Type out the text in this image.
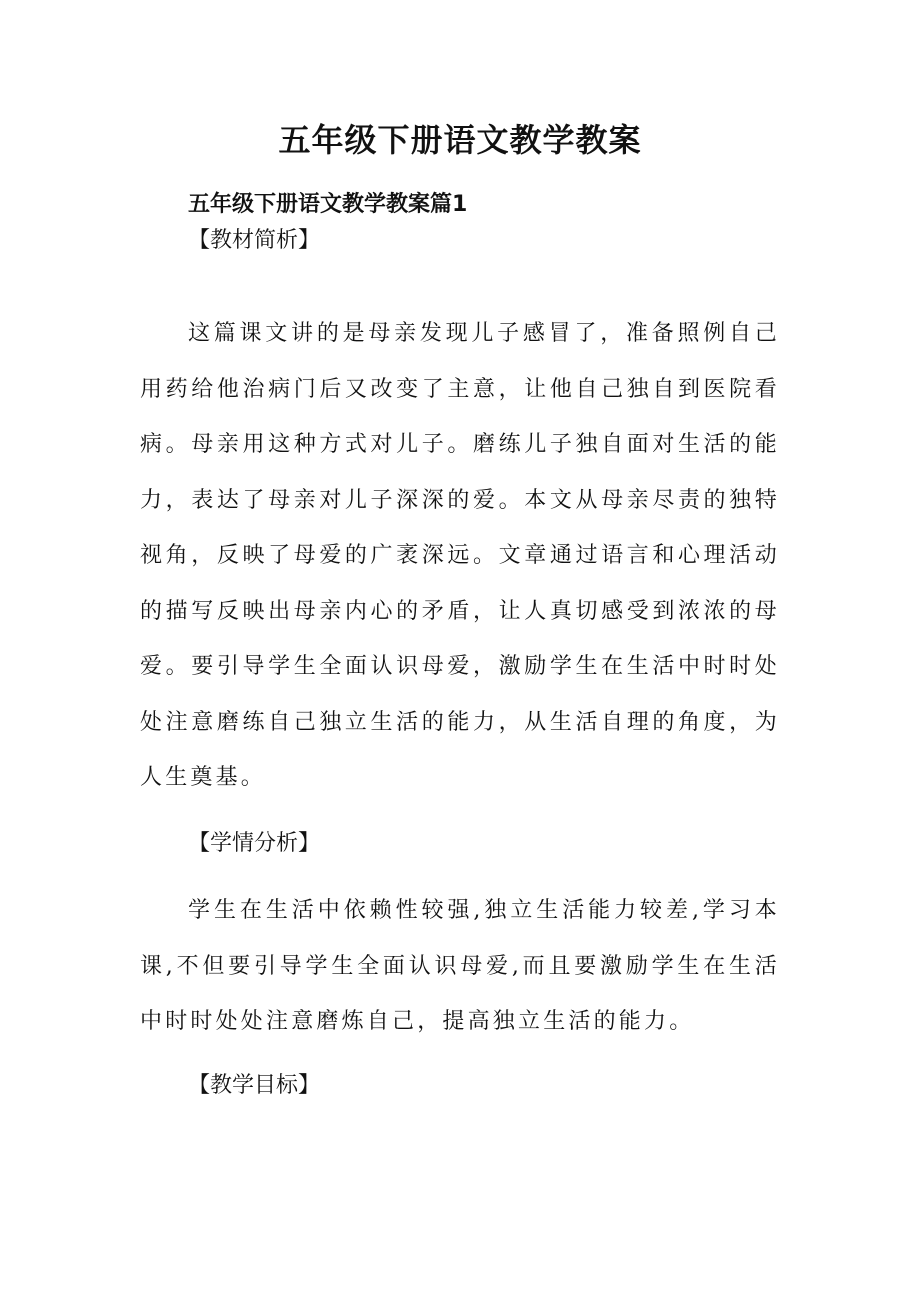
五年级下册语文教学教案
五年级下册语文教学教案篇1
【教材简析】

这篇课文讲的是母亲发现儿子感冒了，准备照例自己用药给他治病门后又改变了主意，让他自己独自到医院看病。母亲用这种方式对儿子。磨练儿子独自面对生活的能力，表达了母亲对儿子深深的爱。本文从母亲尽责的独特视角，反映了母爱的广袤深远。文章通过语言和心理活动的描写反映出母亲内心的矛盾，让人真切感受到浓浓的母爱。要引导学生全面认识母爱，激励学生在生活中时时处处注意磨练自己独立生活的能力，从生活自理的角度，为人生奠基。

【学情分析】

学生在生活中依赖性较强,独立生活能力较差,学习本课,不但要引导学生全面认识母爱,而且要激励学生在生活中时时处处注意磨炼自己，提高独立生活的能力。

【教学目标】
